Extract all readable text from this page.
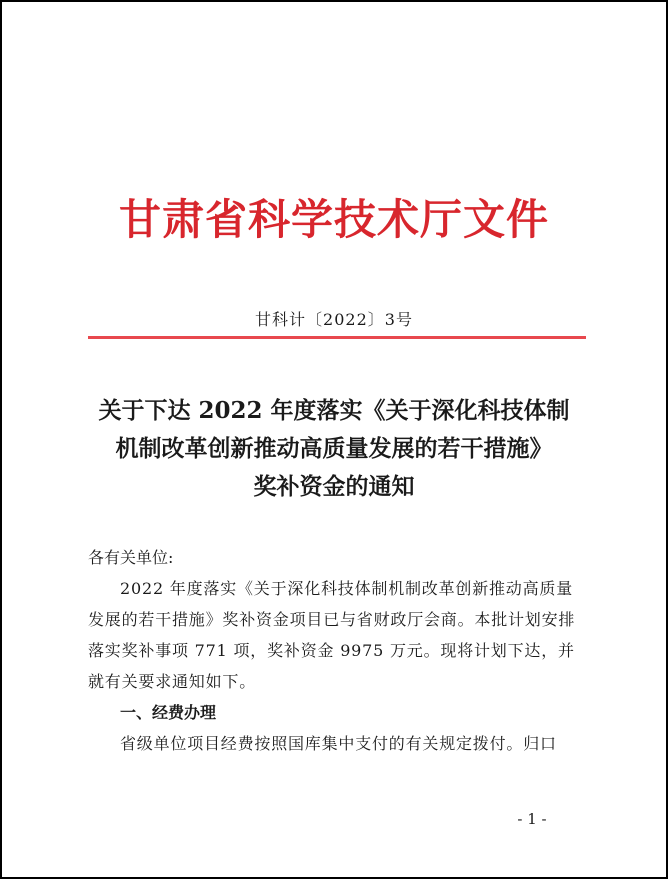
甘肃省科学技术厅文件
甘科计〔2022〕3号
关于下达 2022 年度落实《关于深化科技体制
机制改革创新推动高质量发展的若干措施》
奖补资金的通知

各有关单位:

2022 年度落实《关于深化科技体制机制改革创新推动高质量发展的若干措施》奖补资金项目已与省财政厅会商。本批计划安排落实奖补事项 771 项，奖补资金 9975 万元。现将计划下达，并就有关要求通知如下。

一、经费办理

省级单位项目经费按照国库集中支付的有关规定拨付。归口

- 1 -
